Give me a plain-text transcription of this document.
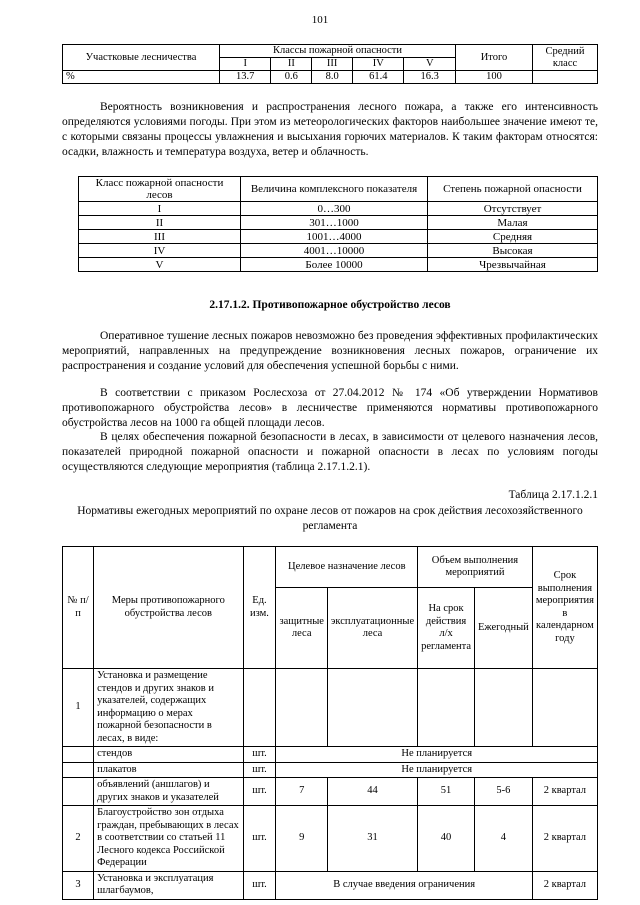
101
Участковые лесничества	Классы пожарной опасности					Итого	Средний класс
	I	II	III	IV	V		
%	13.7	0.6	8.0	61.4	16.3	100	

Вероятность возникновения и распространения лесного пожара, а также его интенсивность определяются условиями погоды. При этом из метеорологических факторов наибольшее значение имеют те, с которыми связаны процессы увлажнения и высыхания горючих материалов. К таким факторам относятся: осадки, влажность и температура воздуха, ветер и облачность.

Класс пожарной опасности лесов	Величина комплексного показателя	Степень пожарной опасности
I	0…300	Отсутствует
II	301…1000	Малая
III	1001…4000	Средняя
IV	4001…10000	Высокая
V	Более 10000	Чрезвычайная

2.17.1.2. Противопожарное обустройство лесов

Оперативное тушение лесных пожаров невозможно без проведения эффективных профилактических мероприятий, направленных на предупреждение возникновения лесных пожаров, ограничение их распространения и создание условий для обеспечения успешной борьбы с ними.

В соответствии с приказом Рослесхоза от 27.04.2012 № 174 «Об утверждении Нормативов противопожарного обустройства лесов» в лесничестве применяются нормативы противопожарного обустройства лесов на 1000 га общей площади лесов.

В целях обеспечения пожарной безопасности в лесах, в зависимости от целевого назначения лесов, показателей природной пожарной опасности и пожарной опасности в лесах по условиям погоды осуществляются следующие мероприятия (таблица 2.17.1.2.1).

Таблица 2.17.1.2.1

Нормативы ежегодных мероприятий по охране лесов от пожаров на срок действия лесохозяйственного регламента

№ п/п	Меры противопожарного обустройства лесов	Ед. изм.	Целевое назначение лесов		Объем выполнения мероприятий		Срок выполнения мероприятия в календарном году
			защитные леса	эксплуатационные леса	На срок действия л/х регламента	Ежегодный	
1	Установка и размещение стендов и других знаков и указателей, содержащих информацию о мерах пожарной безопасности в лесах, в виде:						
	стендов	шт.	Не планируется				
	плакатов	шт.	Не планируется				
	объявлений (аншлагов) и других знаков и указателей	шт.	7	44	51	5-6	2 квартал
2	Благоустройство зон отдыха граждан, пребывающих в лесах в соответствии со статьей 11 Лесного кодекса Российской Федерации	шт.	9	31	40	4	2 квартал
3	Установка и эксплуатация шлагбаумов,	шт.	В случае введения ограничения				2 квартал
